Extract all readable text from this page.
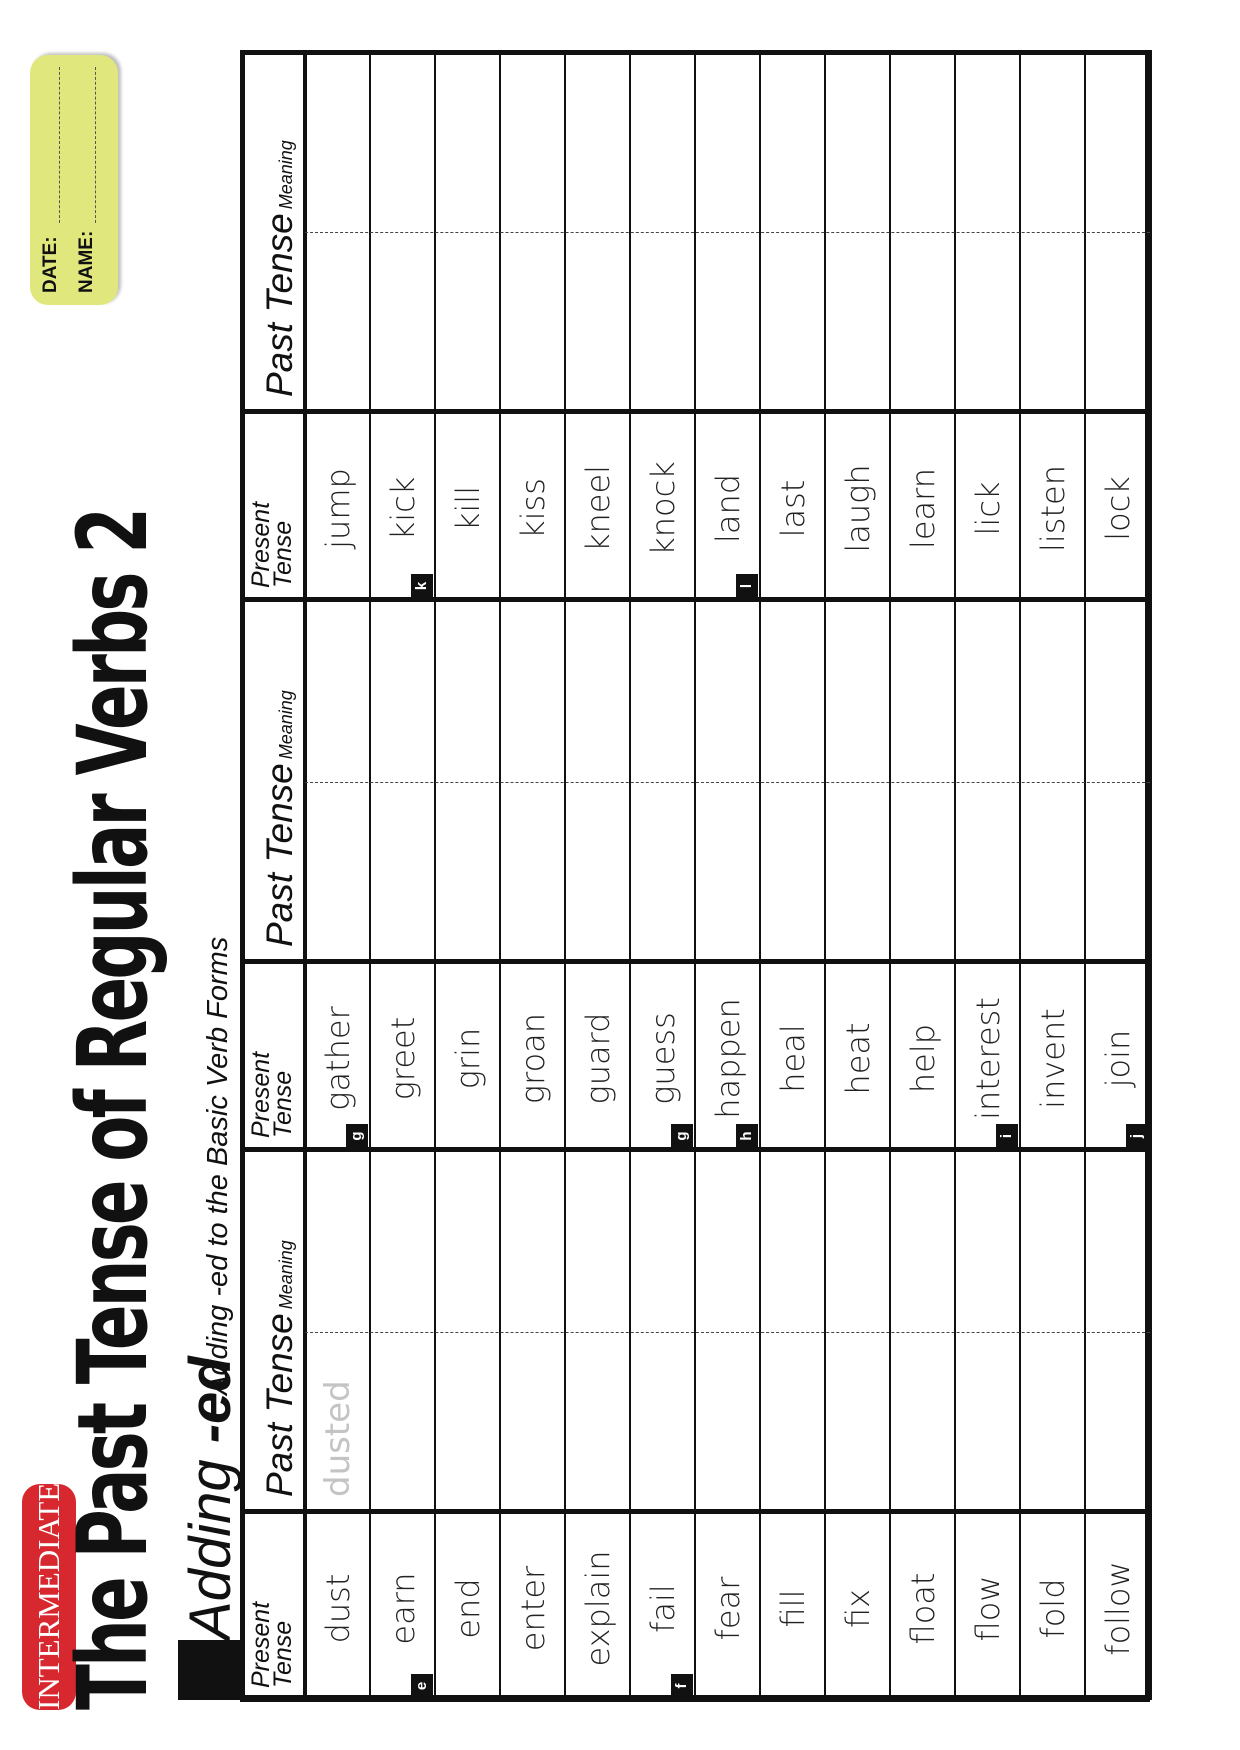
INTERMEDIATE
The Past Tense of Regular Verbs 2
DATE: NAME:
Adding -ed
Adding -ed to the Basic Verb Forms
Present
Tense
Past TenseMeaning
dust
dusted
earn
e
end enter explain fail
f
fear fill fix float flow fold follow
Present
Tense
Past TenseMeaning
gather
g
greet grin groan guard guess
g
happen
h
heal heat help interest
i
invent join
j
Present
Tense
Past TenseMeaning
jump kick
k
kill kiss kneel knock land
l
last laugh learn lick listen lock
